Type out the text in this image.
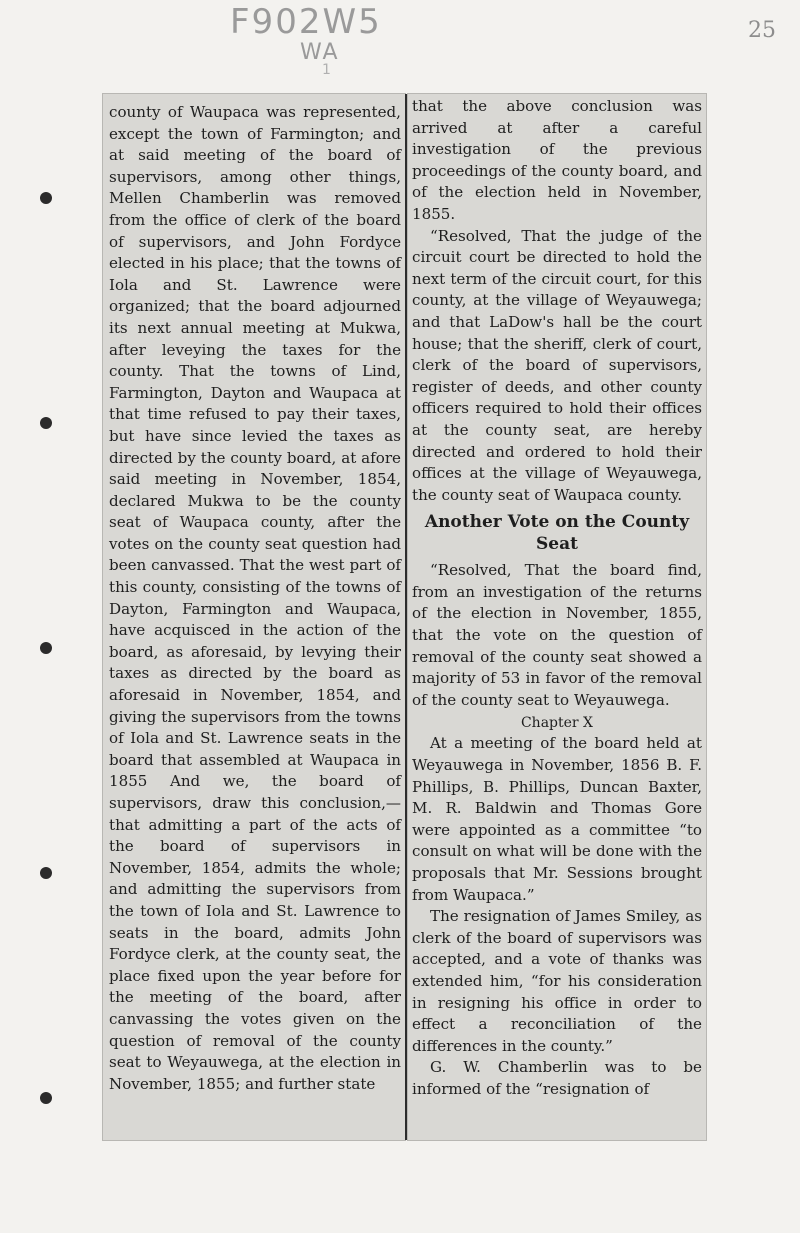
F902W5
WA
1
25

county of Waupaca was represented, except the town of Farmington; and at said meeting of the board of supervisors, among other things, Mellen Chamberlin was removed from the office of clerk of the board of supervisors, and John Fordyce elected in his place; that the towns of Iola and St. Lawrence were organized; that the board adjourned its next annual meeting at Mukwa, after leveying the taxes for the county. That the towns of Lind, Farmington, Dayton and Waupaca at that time refused to pay their taxes, but have since levied the taxes as directed by the county board, at afore said meeting in November, 1854, declared Mukwa to be the county seat of Waupaca county, after the votes on the county seat question had been canvassed. That the west part of this county, consisting of the towns of Dayton, Farmington and Waupaca, have acquisced in the action of the board, as aforesaid, by levying their taxes as directed by the board as aforesaid in November, 1854, and giving the supervisors from the towns of Iola and St. Lawrence seats in the board that assembled at Waupaca in 1855 And we, the board of supervisors, draw this conclusion,—that admitting a part of the acts of the board of supervisors in November, 1854, admits the whole; and admitting the supervisors from the town of Iola and St. Lawrence to seats in the board, admits John Fordyce clerk, at the county seat, the place fixed upon the year before for the meeting of the board, after canvassing the votes given on the question of removal of the county seat to Weyauwega, at the election in November, 1855; and further state

that the above conclusion was arrived at after a careful investigation of the previous proceedings of the county board, and of the election held in November, 1855.

“Resolved, That the judge of the circuit court be directed to hold the next term of the circuit court, for this county, at the village of Weyauwega; and that LaDow's hall be the court house; that the sheriff, clerk of court, clerk of the board of supervisors, register of deeds, and other county officers required to hold their offices at the county seat, are hereby directed and ordered to hold their offices at the village of Weyauwega, the county seat of Waupaca county.

Another Vote on the County Seat

“Resolved, That the board find, from an investigation of the returns of the election in November, 1855, that the vote on the question of removal of the county seat showed a majority of 53 in favor of the removal of the county seat to Weyauwega.

Chapter X

At a meeting of the board held at Weyauwega in November, 1856 B. F. Phillips, B. Phillips, Duncan Baxter, M. R. Baldwin and Thomas Gore were appointed as a committee “to consult on what will be done with the proposals that Mr. Sessions brought from Waupaca.”

The resignation of James Smiley, as clerk of the board of supervisors was accepted, and a vote of thanks was extended him, “for his consideration in resigning his office in order to effect a reconciliation of the differences in the county.”

G. W. Chamberlin was to be informed of the “resignation of
